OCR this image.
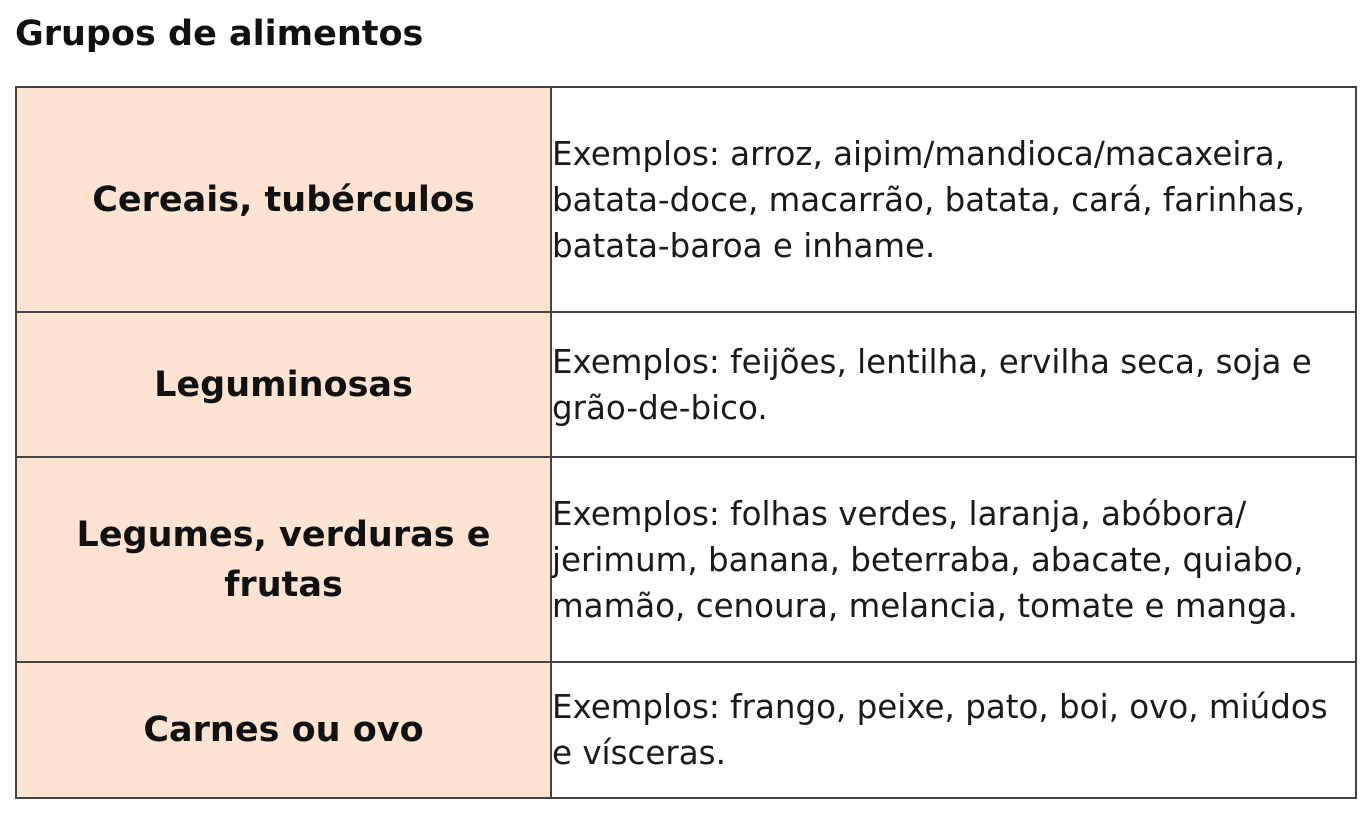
Grupos de alimentos
Cereais, tubérculos	Exemplos: arroz, aipim/mandioca/macaxeira, batata-doce, macarrão, batata, cará, farinhas, batata-baroa e inhame.
Leguminosas	Exemplos: feijões, lentilha, ervilha seca, soja e grão-de-bico.
Legumes, verduras e frutas	Exemplos: folhas verdes, laranja, abóbora/ jerimum, banana, beterraba, abacate, quiabo, mamão, cenoura, melancia, tomate e manga.
Carnes ou ovo	Exemplos: frango, peixe, pato, boi, ovo, miúdos e vísceras.
